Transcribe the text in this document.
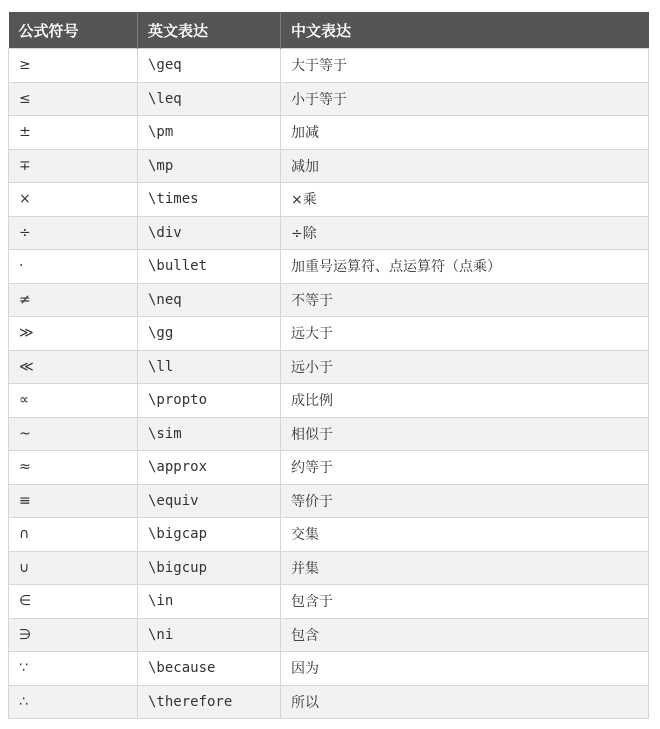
公式符号	英文表达	中文表达
≥	\geq	大于等于
≤	\leq	小于等于
±	\pm	加减
∓	\mp	减加
×	\times	×乘
÷	\div	÷除
·	\bullet	加重号运算符、点运算符（点乘）
≠	\neq	不等于
≫	\gg	远大于
≪	\ll	远小于
∝	\propto	成比例
~	\sim	相似于
≈	\approx	约等于
≡	\equiv	等价于
∩	\bigcap	交集
∪	\bigcup	并集
∈	\in	包含于
∋	\ni	包含
∵	\because	因为
∴	\therefore	所以
